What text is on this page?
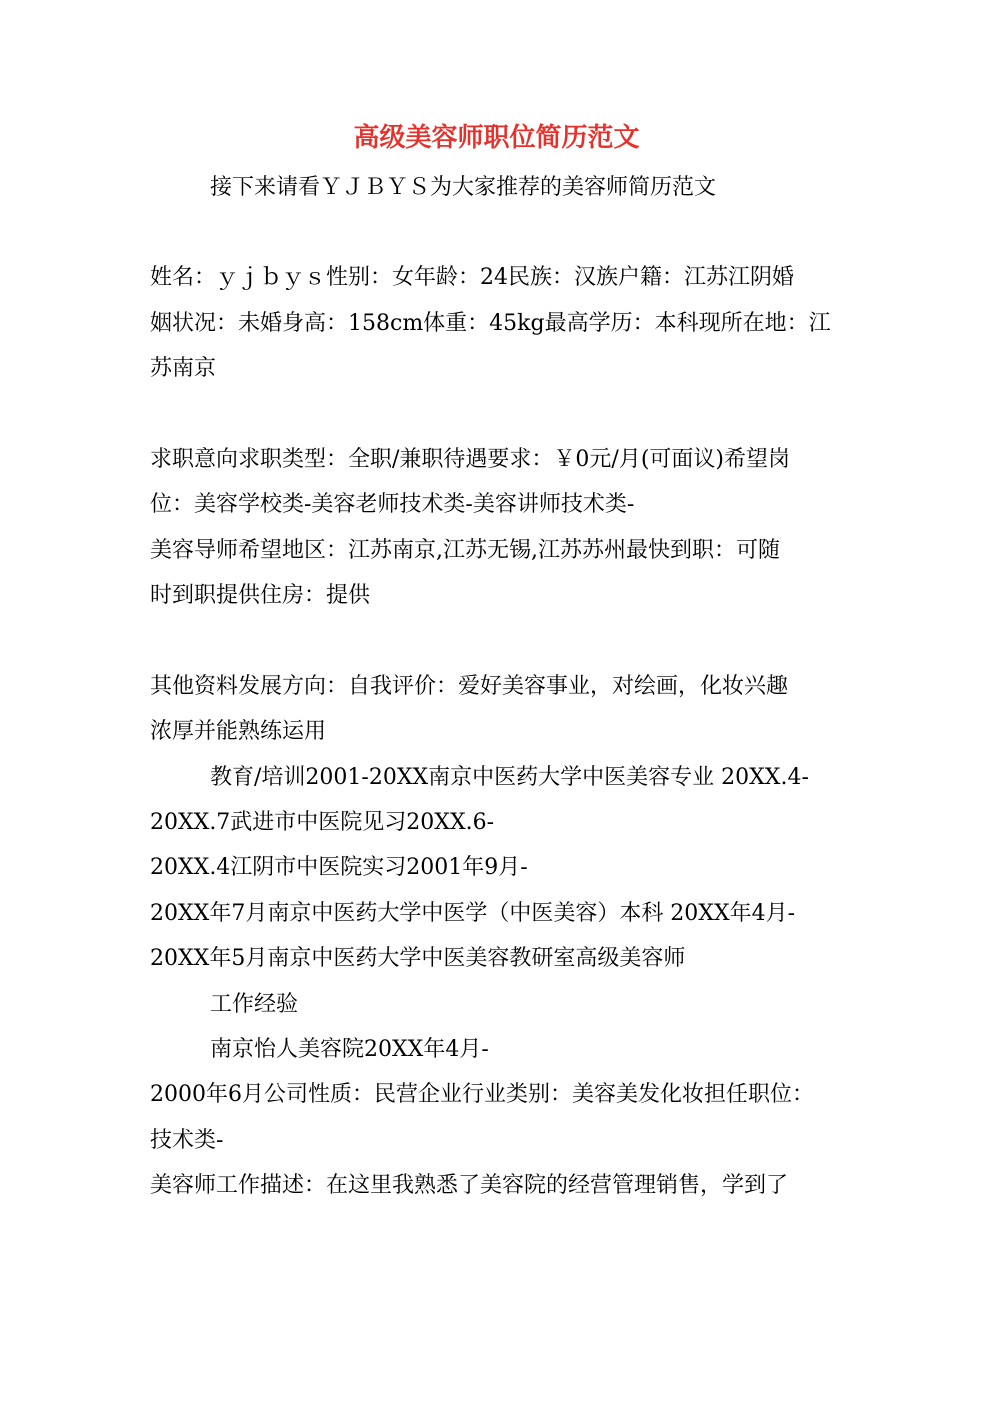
高级美容师职位简历范文
接下来请看ＹＪＢＹＳ为大家推荐的美容师简历范文
姓名：ｙｊｂｙｓ性别：女年龄：24民族：汉族户籍：江苏江阴婚
姻状况：未婚身高：158cm体重：45kg最高学历：本科现所在地：江
苏南京
求职意向求职类型：全职/兼职待遇要求：￥0元/月(可面议)希望岗
位：美容学校类-美容老师技术类-美容讲师技术类-
美容导师希望地区：江苏南京,江苏无锡,江苏苏州最快到职：可随
时到职提供住房：提供
其他资料发展方向：自我评价：爱好美容事业，对绘画，化妆兴趣
浓厚并能熟练运用
教育/培训2001-20XX南京中医药大学中医美容专业 20XX.4-
20XX.7武进市中医院见习20XX.6-
20XX.4江阴市中医院实习2001年9月-
20XX年7月南京中医药大学中医学（中医美容）本科 20XX年4月-
20XX年5月南京中医药大学中医美容教研室高级美容师
工作经验
南京怡人美容院20XX年4月-
2000年6月公司性质：民营企业行业类别：美容美发化妆担任职位：
技术类-
美容师工作描述：在这里我熟悉了美容院的经营管理销售，学到了
